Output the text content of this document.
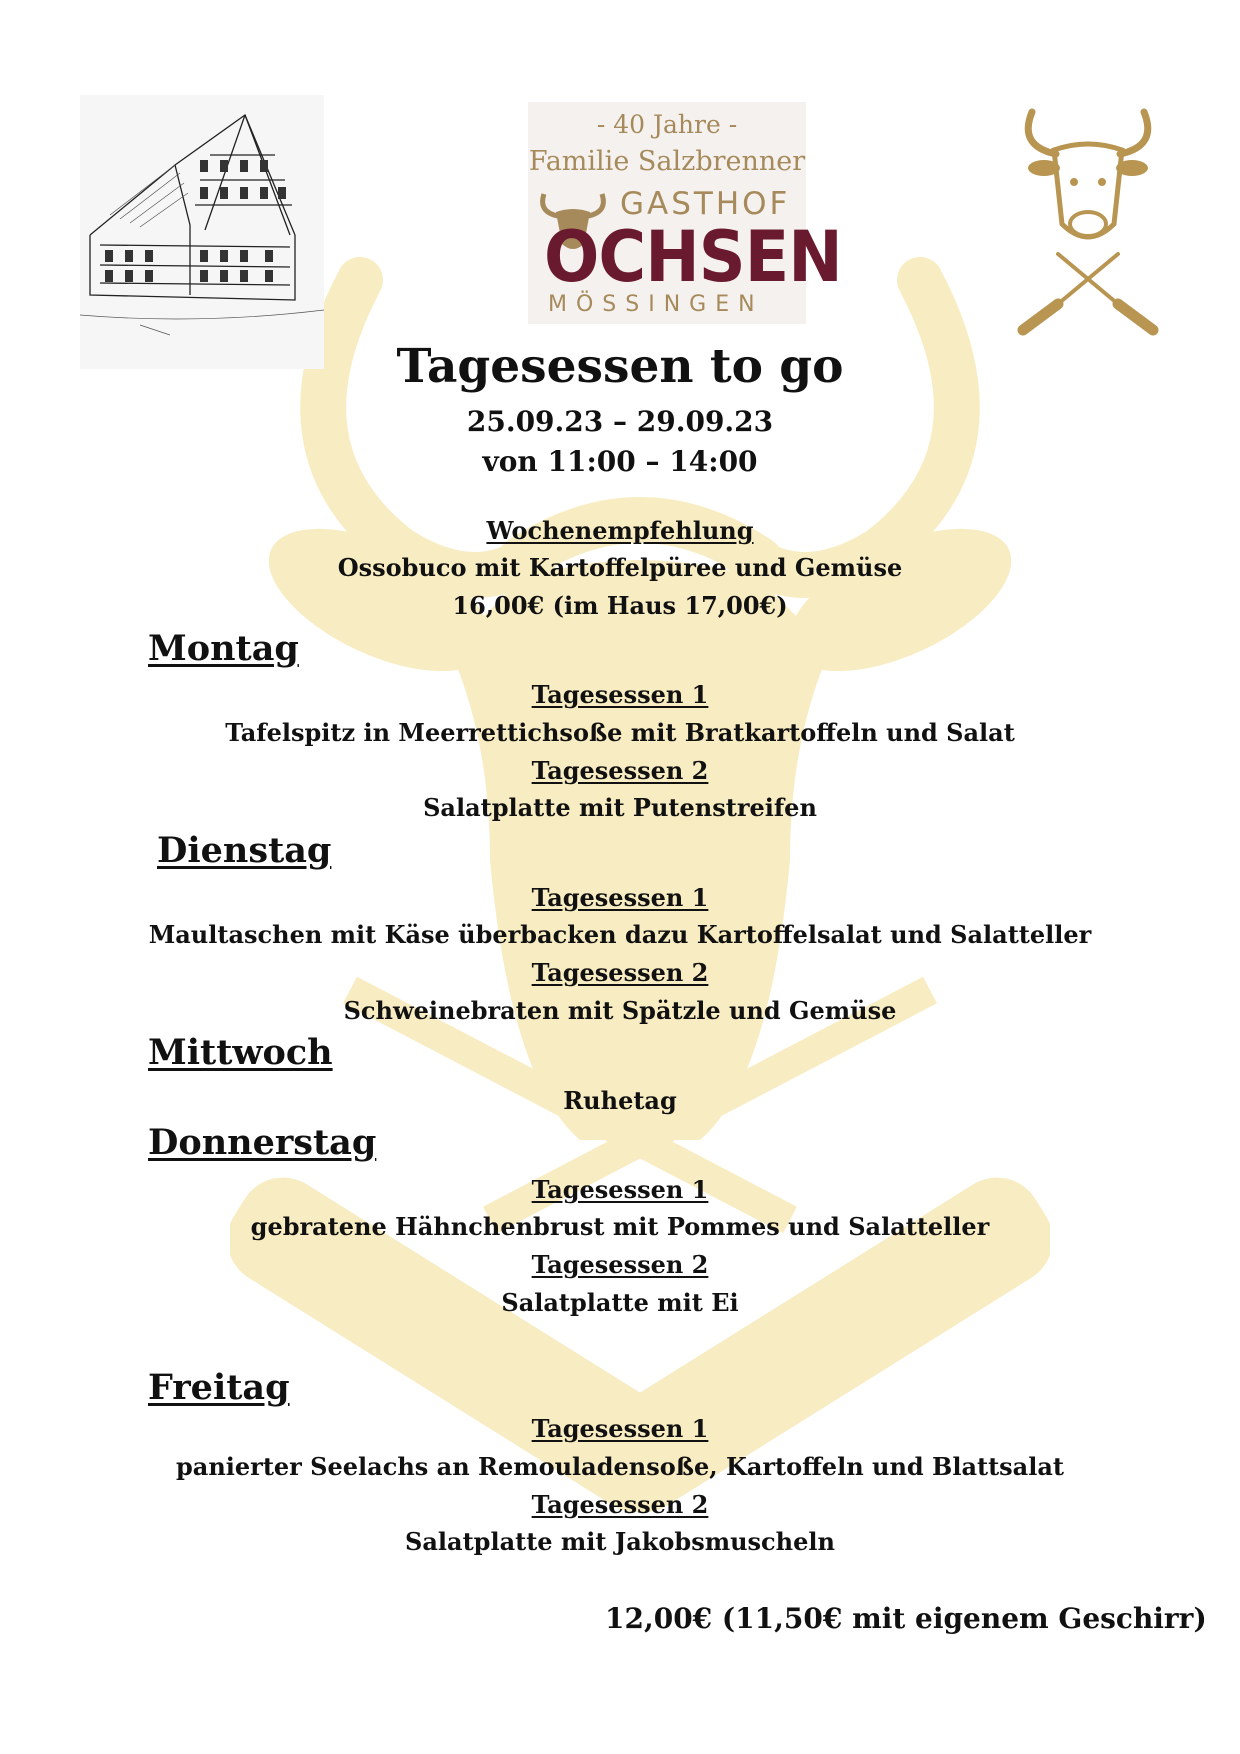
- 40 Jahre -
Familie Salzbrenner
GASTHOF
OCHSEN
MÖSSINGEN
Tagesessen to go
25.09.23 – 29.09.23
von 11:00 – 14:00
Wochenempfehlung
Ossobuco mit Kartoffelpüree und Gemüse
16,00€ (im Haus 17,00€)
Montag
Tagesessen 1
Tafelspitz in Meerrettichsoße mit Bratkartoffeln und Salat
Tagesessen 2
Salatplatte mit Putenstreifen
Dienstag
Tagesessen 1
Maultaschen mit Käse überbacken dazu Kartoffelsalat und Salatteller
Tagesessen 2
Schweinebraten mit Spätzle und Gemüse
Mittwoch
Ruhetag
Donnerstag
Tagesessen 1
gebratene Hähnchenbrust mit Pommes und Salatteller
Tagesessen 2
Salatplatte mit Ei
Freitag
Tagesessen 1
panierter Seelachs an Remouladensoße, Kartoffeln und Blattsalat
Tagesessen 2
Salatplatte mit Jakobsmuscheln
12,00€ (11,50€ mit eigenem Geschirr)
